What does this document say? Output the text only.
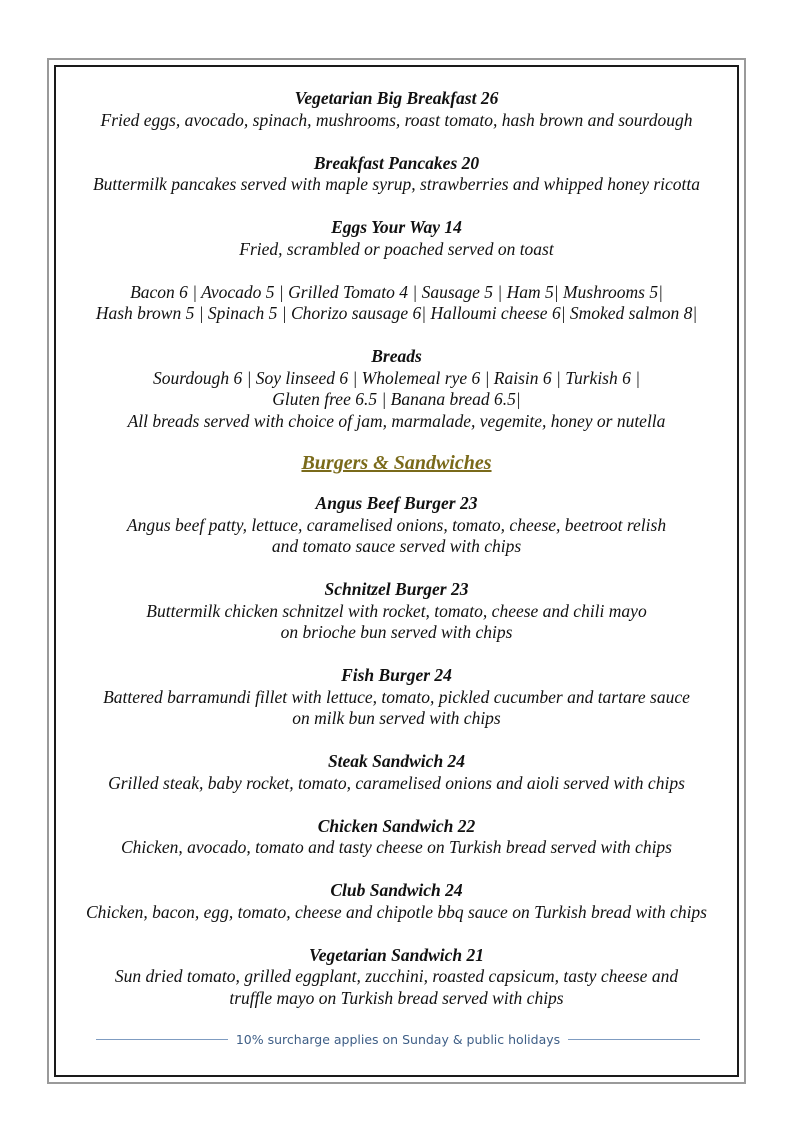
Vegetarian Big Breakfast 26
Fried eggs, avocado, spinach, mushrooms, roast tomato, hash brown and sourdough
Breakfast Pancakes 20
Buttermilk pancakes served with maple syrup, strawberries and whipped honey ricotta
Eggs Your Way 14
Fried, scrambled or poached served on toast
Bacon 6 | Avocado 5 | Grilled Tomato 4 | Sausage 5 | Ham 5| Mushrooms 5|
Hash brown 5 | Spinach 5 | Chorizo sausage 6| Halloumi cheese 6| Smoked salmon 8|
Breads
Sourdough 6 | Soy linseed 6 | Wholemeal rye 6 | Raisin 6 | Turkish 6 |
Gluten free 6.5 | Banana bread 6.5|
All breads served with choice of jam, marmalade, vegemite, honey or nutella
Burgers & Sandwiches
Angus Beef Burger 23
Angus beef patty, lettuce, caramelised onions, tomato, cheese, beetroot relish
and tomato sauce served with chips
Schnitzel Burger 23
Buttermilk chicken schnitzel with rocket, tomato, cheese and chili mayo
on brioche bun served with chips
Fish Burger 24
Battered barramundi fillet with lettuce, tomato, pickled cucumber and tartare sauce
on milk bun served with chips
Steak Sandwich 24
Grilled steak, baby rocket, tomato, caramelised onions and aioli served with chips
Chicken Sandwich 22
Chicken, avocado, tomato and tasty cheese on Turkish bread served with chips
Club Sandwich 24
Chicken, bacon, egg, tomato, cheese and chipotle bbq sauce on Turkish bread with chips
Vegetarian Sandwich 21
Sun dried tomato, grilled eggplant, zucchini, roasted capsicum, tasty cheese and
truffle mayo on Turkish bread served with chips
10% surcharge applies on Sunday & public holidays
